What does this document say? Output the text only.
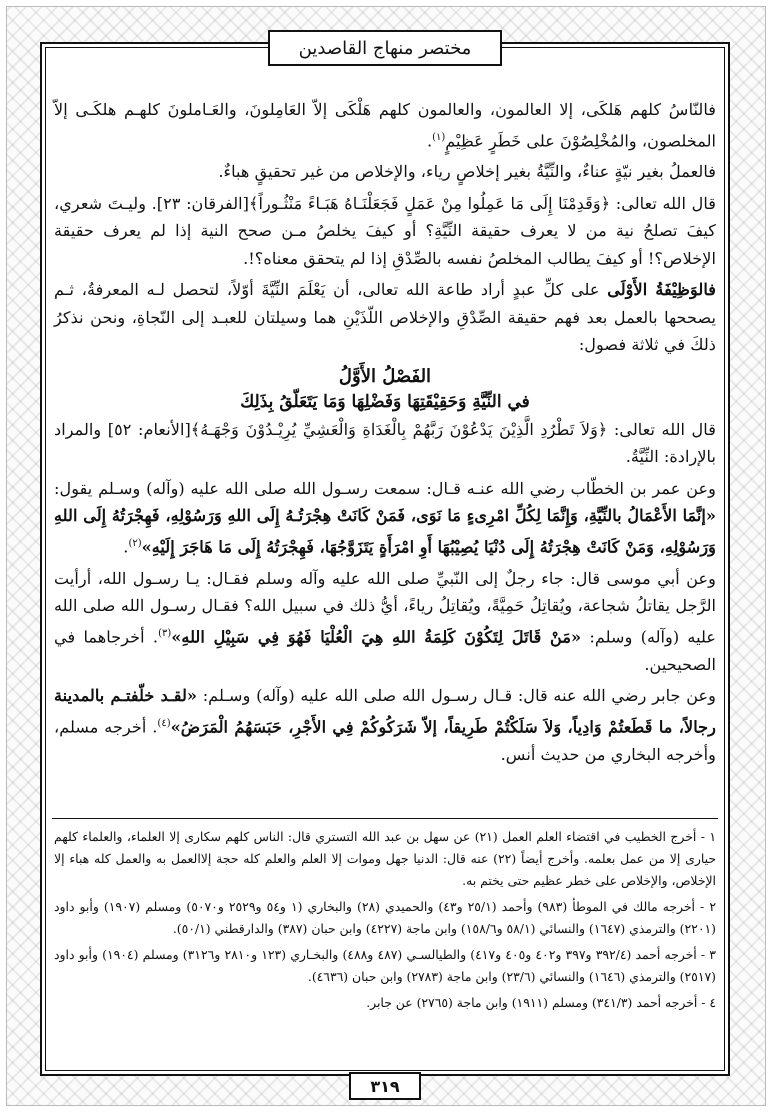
مختصر منهاج القاصدين

فالنّاسُ كلهم هَلكَى، إلا العالمون، والعالمون كلهم هَلْكَى إلاّ العَامِلونَ، والعَـاملونَ كلهـم هلكَـى إلاّ المخلصون، والمُخْلِصُوْنَ على خَطَرٍ عَظِيْمٍ$^{(١)}$.

فالعملُ بغير نيّةٍ عناءٌ، والنِّيَّةُ بغير إخلاصٍ رياء، والإخلاص من غير تحقيقٍ هباءٌ.

قال الله تعالى: ﴿وَقَدِمْنَا إِلَى مَا عَمِلُوا مِنْ عَمَلٍ فَجَعَلْنَـاهُ هَبَـاءً مَنْثُـوراً﴾[الفرقان: ٢٣]. وليـتَ شعري، كيفَ تصلحُ نية من لا يعرف حقيقة النِّيَّةِ؟ أو كيفَ يخلصُ مـن صحح النية إذا لم يعرف حقيقة الإخلاص؟! أو كيفَ يطالب المخلصُ نفسه بالصِّدْقِ إذا لم يتحقق معناه؟!.

فالوَظِيْفَةُ الأَوْلَى على كلِّ عبدٍ أراد طاعة الله تعالى، أن يَعْلَمَ النِّيَّةَ أوّلاً، لتحصل لـه المعرفةُ، ثـم يصححها بالعمل بعد فهم حقيقة الصِّدْقِ والإخلاص اللّذَيْنِ هما وسيلتان للعبـد إلى النّجاةِ، ونحن نذكرُ ذلكَ في ثلاثة فصول:

الفَصْلُ الأَوَّلُ
في النِّيَّةِ وَحَقِيْقَتِهَا وَفَضْلِهَا وَمَا يَتَعَلّقُ بِذَلِكَ

قال الله تعالى: ﴿وَلاَ تَطْرُدِ الَّذِيْنَ يَدْعُوْنَ رَبَّهُمْ بِالْغَدَاةِ وَالْعَشِيِّ يُرِيْـدُوْنَ وَجْهَـهُ﴾[الأنعام: ٥٢] والمراد بالإرادة: النِّيَّةُ.

وعن عمر بن الخطّاب رضي الله عنـه قـال: سمعت رسـول الله صلى الله عليه (وآله) وسـلم يقول: «إنَّمَا الأَعْمَالُ بالنِّيَّةِ، وَإِنَّمَا لِكُلِّ امْرِىءٍ مَا نَوَى، فَمَنْ كَانَتْ هِجْرَتُـهُ إِلَى اللهِ وَرَسُوْلِهِ، فَهِجْرَتُهُ إِلَى اللهِ وَرَسُوْلِهِ، وَمَنْ كَانَتْ هِجْرَتُهُ إِلَى دُنْيَا يُصِيْبُهَا أَوِ امْرَأَةٍ يَتَزَوَّجُهَا، فَهِجْرَتُهُ إِلَى مَا هَاجَرَ إِلَيْهِ»$^{(٢)}$.

وعن أبي موسى قال: جاء رجلٌ إلى النّبيِّ صلى الله عليه وآله وسلم فقـال: يـا رسـول الله، أرأيت الرَّجل يقاتلُ شجاعة، ويُقاتِلُ حَمِيَّةً، ويُقاتِلُ رياءً، أيُّ ذلك في سبيل الله؟ فقـال رسـول الله صلى الله عليه (وآله) وسلم: «مَنْ قَاتَلَ لِتَكُوْنَ كَلِمَةُ اللهِ هِيَ الْعُلْيَا فَهُوَ فِي سَبِيْلِ اللهِ»$^{(٣)}$. أخرجاهما في الصحيحين.

وعن جابر رضي الله عنه قال: قـال رسـول الله صلى الله عليه (وآله) وسـلم: «لقـد خلّفتـم بالمدينة رجالاً، ما قَطَعتُمْ وَادِياً، وَلاَ سَلَكْتُمْ طَرِيقاً، إلاّ شَرَكُوكُمْ فِي الأَجْرِ، حَبَسَهُمُ الْمَرَضُ»$^{(٤)}$. أخرجه مسلم، وأخرجه البخاري من حديث أنس.

١ - أخرج الخطيب في اقتضاء العلم العمل (٢١) عن سهل بن عبد الله التستري قال: الناس كلهم سكارى إلا العلماء، والعلماء كلهم حيارى إلا من عمل بعلمه. وأخرج أيضاً (٢٢) عنه قال: الدنيا جهل وموات إلا العلم والعلم كله حجة إلاالعمل به والعمل كله هباء إلا الإخلاص، والإخلاص على خطر عظيم حتى يختم به.

٢ - أخرجه مالك في الموطأ (٩٨٣) وأحمد (٢٥/١ و٤٣) والحميدي (٢٨) والبخاري (١ و٥٤ و٢٥٢٩ و٥٠٧٠) ومسلم (١٩٠٧) وأبو داود (٢٢٠١) والترمذي (١٦٤٧) والنسائي (٥٨/١ و١٥٨/٦) وابن ماجة (٤٢٢٧) وابن حبان (٣٨٧) والدارقطني (٥٠/١).

٣ - أخرجه أحمد (٣٩٢/٤ و٣٩٧ و٤٠٢ و٤٠٥ و٤١٧) والطيالسـي (٤٨٧ و٤٨٨) والبخـاري (١٢٣ و٢٨١٠ و٣١٢٦) ومسلم (١٩٠٤) وأبو داود (٢٥١٧) والترمذي (١٦٤٦) والنسائي (٢٣/٦) وابن ماجة (٢٧٨٣) وابن حبان (٤٦٣٦).

٤ - أخرجه أحمد (٣٤١/٣) ومسلم (١٩١١) وابن ماجة (٢٧٦٥) عن جابر.

٣١٩
